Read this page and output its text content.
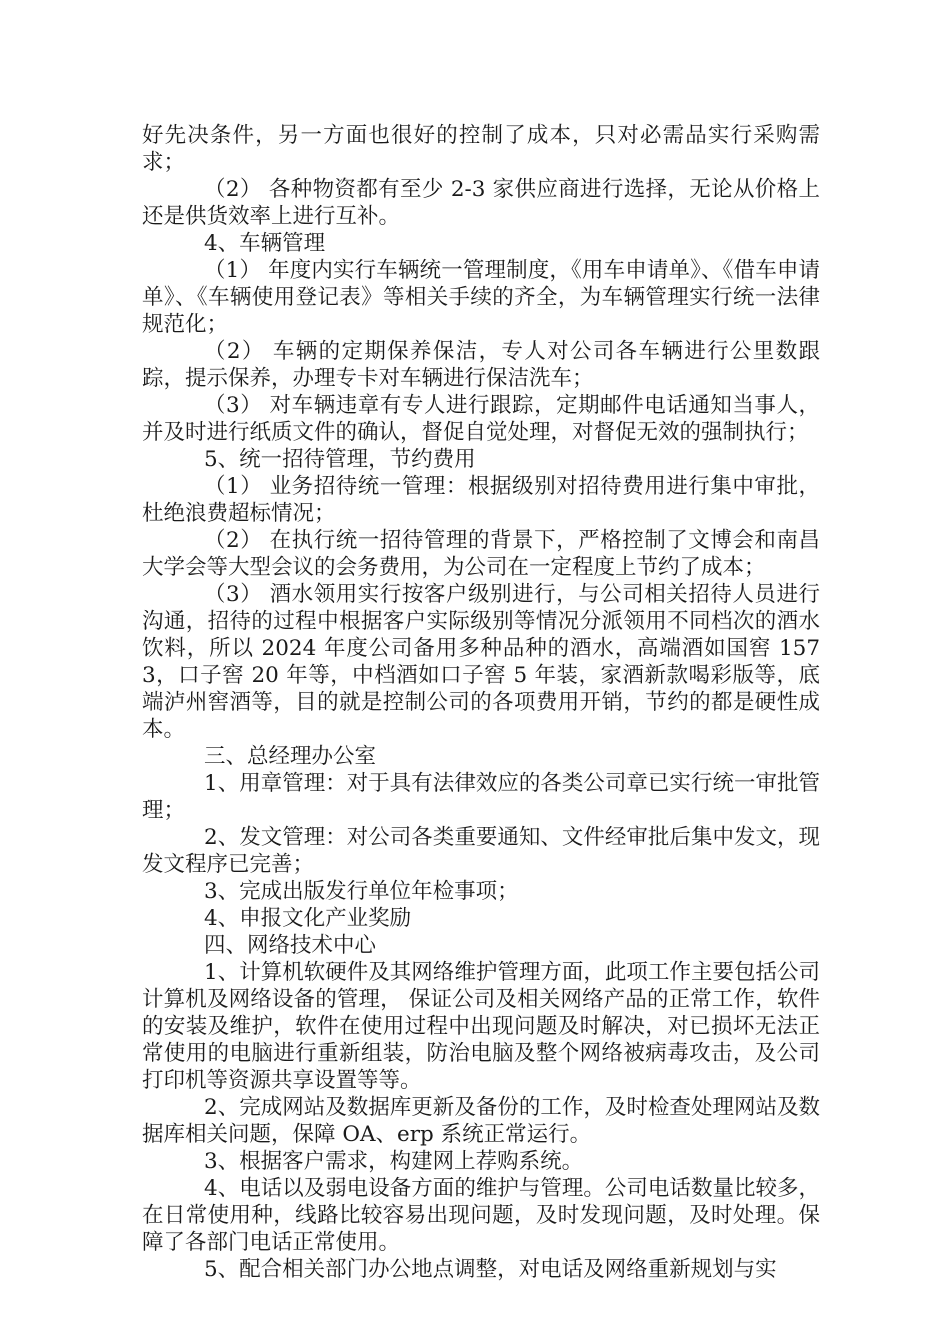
好先决条件，另一方面也很好的控制了成本，只对必需品实行采购需求；

（2） 各种物资都有至少 2-3 家供应商进行选择，无论从价格上还是供货效率上进行互补。

4、车辆管理

（1） 年度内实行车辆统一管理制度，《用车申请单》、《借车申请单》、《车辆使用登记表》等相关手续的齐全，为车辆管理实行统一法律规范化；

（2） 车辆的定期保养保洁，专人对公司各车辆进行公里数跟踪，提示保养，办理专卡对车辆进行保洁洗车；

（3） 对车辆违章有专人进行跟踪，定期邮件电话通知当事人，并及时进行纸质文件的确认，督促自觉处理，对督促无效的强制执行；

5、统一招待管理，节约费用

（1） 业务招待统一管理：根据级别对招待费用进行集中审批，杜绝浪费超标情况；

（2） 在执行统一招待管理的背景下，严格控制了文博会和南昌大学会等大型会议的会务费用，为公司在一定程度上节约了成本；

（3） 酒水领用实行按客户级别进行，与公司相关招待人员进行沟通，招待的过程中根据客户实际级别等情况分派领用不同档次的酒水饮料，所以 2024 年度公司备用多种品种的酒水，高端酒如国窖 1573，口子窖 20 年等，中档酒如口子窖 5 年装，家酒新款喝彩版等，底端泸州窖酒等，目的就是控制公司的各项费用开销，节约的都是硬性成本。

三、总经理办公室

1、用章管理：对于具有法律效应的各类公司章已实行统一审批管理；

2、发文管理：对公司各类重要通知、文件经审批后集中发文，现发文程序已完善；

3、完成出版发行单位年检事项；

4、申报文化产业奖励

四、网络技术中心

1、计算机软硬件及其网络维护管理方面，此项工作主要包括公司计算机及网络设备的管理， 保证公司及相关网络产品的正常工作，软件的安装及维护，软件在使用过程中出现问题及时解决，对已损坏无法正常使用的电脑进行重新组装，防治电脑及整个网络被病毒攻击，及公司打印机等资源共享设置等等。

2、完成网站及数据库更新及备份的工作，及时检查处理网站及数据库相关问题，保障 OA、erp 系统正常运行。

3、根据客户需求，构建网上荐购系统。

4、电话以及弱电设备方面的维护与管理。公司电话数量比较多，在日常使用种，线路比较容易出现问题，及时发现问题，及时处理。保障了各部门电话正常使用。

5、配合相关部门办公地点调整，对电话及网络重新规划与实
